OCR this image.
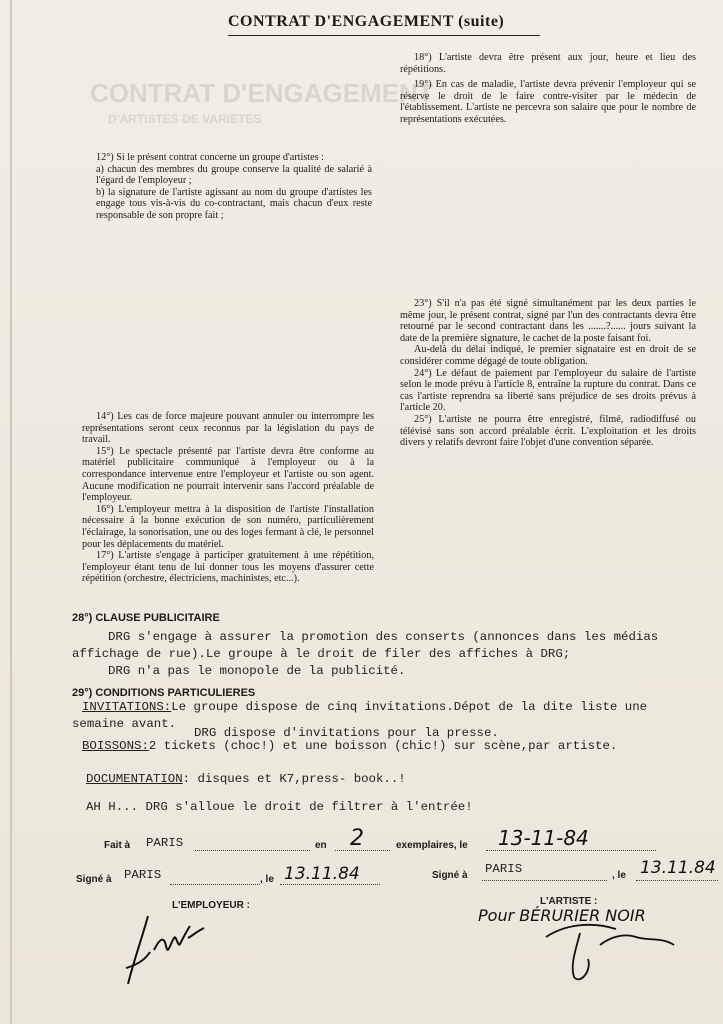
CONTRAT D'ENGAGEMENT
D'ARTISTES DE VARIETES
CONTRAT D'ENGAGEMENT (suite)

18°) L'artiste devra être présent aux jour, heure et lieu des répétitions.

19°) En cas de maladie, l'artiste devra prévenir l'employeur qui se réserve le droit de le faire contre-visiter par le médecin de l'établissement. L'artiste ne percevra son salaire que pour le nombre de représentations exécutées.

12°) Si le présent contrat concerne un groupe d'artistes :

a) chacun des membres du groupe conserve la qualité de salarié à l'égard de l'employeur ;

b) la signature de l'artiste agissant au nom du groupe d'artistes les engage tous vis-à-vis du co-contractant, mais chacun d'eux reste responsable de son propre fait ;

23°) S'il n'a pas été signé simultanément par les deux parties le même jour, le présent contrat, signé par l'un des contractants devra être retourné par le second contractant dans les .......?...... jours suivant la date de la première signature, le cachet de la poste faisant foi.

Au-delà du délai indiqué, le premier signataire est en droit de se considérer comme dégagé de toute obligation.

24°) Le défaut de paiement par l'employeur du salaire de l'artiste selon le mode prévu à l'article 8, entraîne la rupture du contrat. Dans ce cas l'artiste reprendra sa liberté sans préjudice de ses droits prévus à l'article 20.

25°) L'artiste ne pourra être enregistré, filmé, radiodiffusé ou télévisé sans son accord préalable écrit. L'exploitation et les droits divers y relatifs devront faire l'objet d'une convention séparée.

14°) Les cas de force majeure pouvant annuler ou interrompre les représentations seront ceux reconnus par la législation du pays de travail.

15°) Le spectacle présenté par l'artiste devra être conforme au matériel publicitaire communiqué à l'employeur ou à la correspondance intervenue entre l'employeur et l'artiste ou son agent. Aucune modification ne pourrait intervenir sans l'accord préalable de l'employeur.

16°) L'employeur mettra à la disposition de l'artiste l'installation nécessaire à la bonne exécution de son numéro, particulièrement l'éclairage, la sonorisation, une ou des loges fermant à clé, le personnel pour les déplacements du matériel.

17°) L'artiste s'engage à participer gratuitement à une répétition, l'employeur étant tenu de lui donner tous les moyens d'assurer cette répétition (orchestre, électriciens, machinistes, etc...).

28°) CLAUSE PUBLICITAIRE
DRG s'engage à assurer la promotion des conserts (annonces dans les médias
affichage de rue).Le groupe à le droit de filer des affiches à DRG;
DRG n'a pas le monopole de la publicité.
29°) CONDITIONS PARTICULIERES
INVITATIONS:Le groupe dispose de cinq invitations.Dépot de la dite liste une
semaine avant.
DRG dispose d'invitations pour la presse.
BOISSONS:2 tickets (choc!) et une boisson (chic!) sur scène,par artiste.
DOCUMENTATION: disques et K7,press- book..!
AH H... DRG s'alloue le droit de filtrer à l'entrée!
Fait à PARIS	en 2	exemplaires, le 13-11-84
Signé à PARIS	, le 13.11.84	Signé à PARIS	, le 13.11.84
L'EMPLOYEUR :	L'ARTISTE :
Pour BÉRURIER NOIR
